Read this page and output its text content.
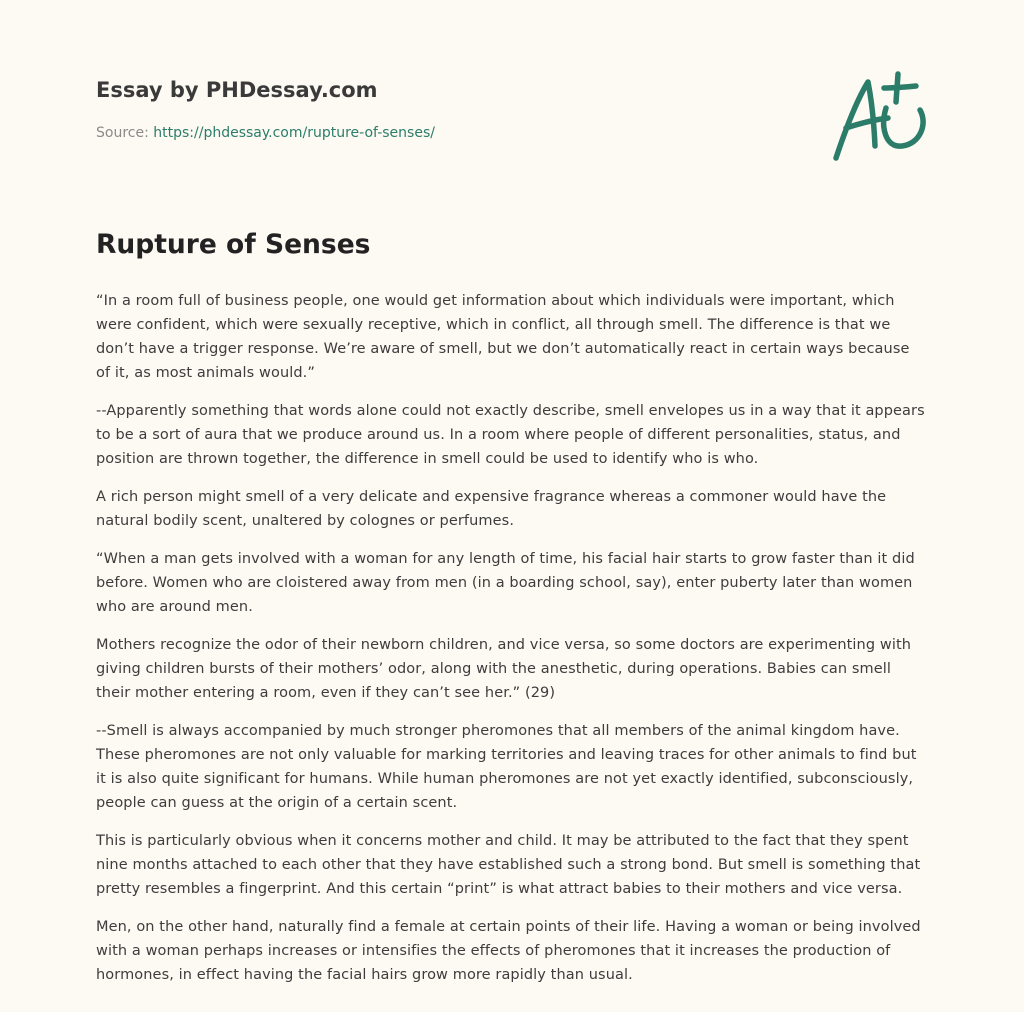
Essay by PHDessay.com
Source: https://phdessay.com/rupture-of-senses/
Rupture of Senses

“In a room full of business people, one would get information about which individuals were important, which were confident, which were sexually receptive, which in conflict, all through smell. The difference is that we don’t have a trigger response. We’re aware of smell, but we don’t automatically react in certain ways because of it, as most animals would.”

--Apparently something that words alone could not exactly describe, smell envelopes us in a way that it appears to be a sort of aura that we produce around us. In a room where people of different personalities, status, and position are thrown together, the difference in smell could be used to identify who is who.

A rich person might smell of a very delicate and expensive fragrance whereas a commoner would have the natural bodily scent, unaltered by colognes or perfumes.

“When a man gets involved with a woman for any length of time, his facial hair starts to grow faster than it did before. Women who are cloistered away from men (in a boarding school, say), enter puberty later than women who are around men.

Mothers recognize the odor of their newborn children, and vice versa, so some doctors are experimenting with giving children bursts of their mothers’ odor, along with the anesthetic, during operations. Babies can smell their mother entering a room, even if they can’t see her.” (29)

--Smell is always accompanied by much stronger pheromones that all members of the animal kingdom have. These pheromones are not only valuable for marking territories and leaving traces for other animals to find but it is also quite significant for humans. While human pheromones are not yet exactly identified, subconsciously, people can guess at the origin of a certain scent.

This is particularly obvious when it concerns mother and child. It may be attributed to the fact that they spent nine months attached to each other that they have established such a strong bond. But smell is something that pretty resembles a fingerprint. And this certain “print” is what attract babies to their mothers and vice versa.

Men, on the other hand, naturally find a female at certain points of their life. Having a woman or being involved with a woman perhaps increases or intensifies the effects of pheromones that it increases the production of hormones, in effect having the facial hairs grow more rapidly than usual.
